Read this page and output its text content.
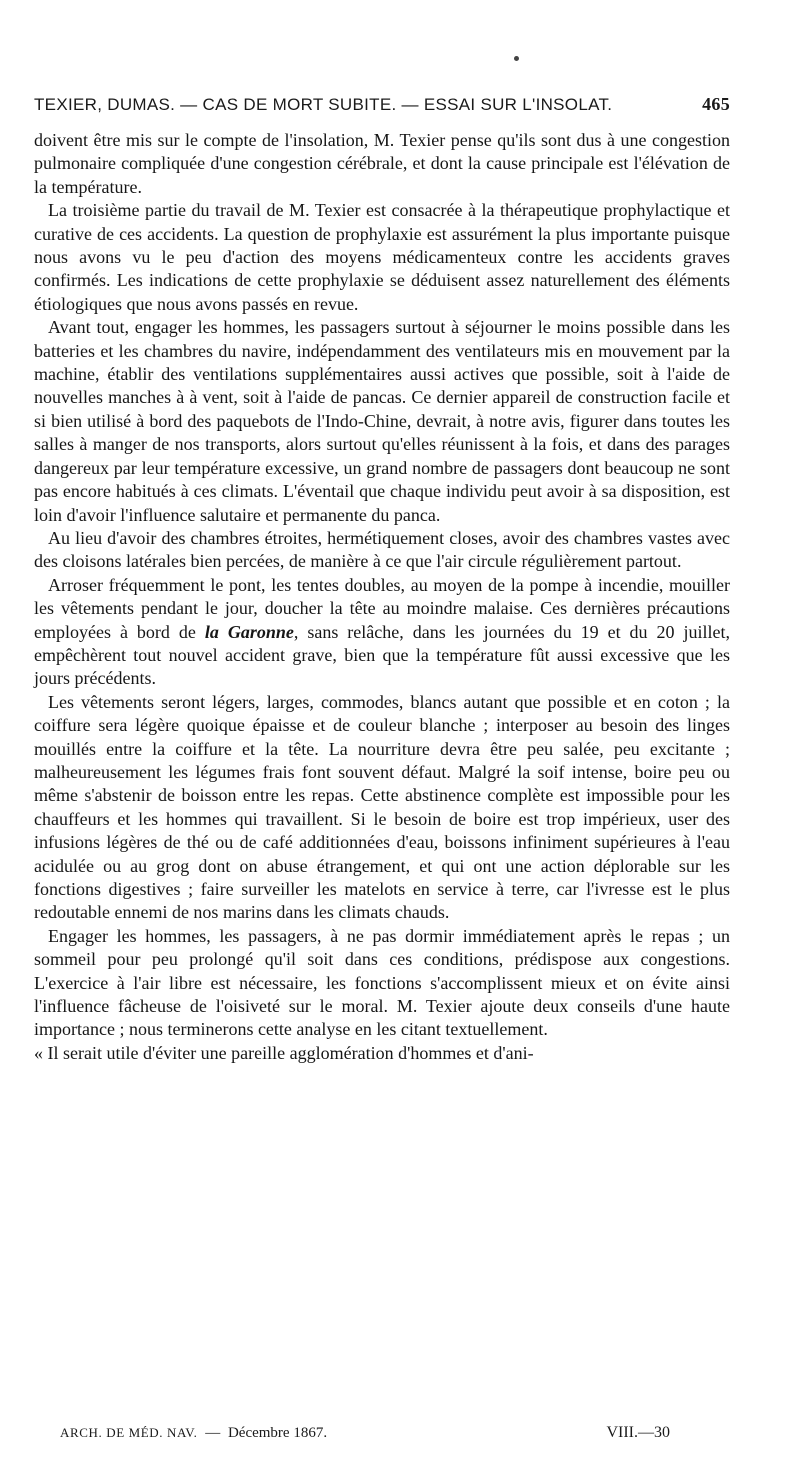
TEXIER, DUMAS. — CAS DE MORT SUBITE. — ESSAI SUR L'INSOLAT.	465

doivent être mis sur le compte de l'insolation, M. Texier pense qu'ils sont dus à une congestion pulmonaire compliquée d'une congestion cérébrale, et dont la cause principale est l'élévation de la température.

La troisième partie du travail de M. Texier est consacrée à la thérapeutique prophylactique et curative de ces accidents. La question de prophylaxie est assurément la plus importante puisque nous avons vu le peu d'action des moyens médicamenteux contre les accidents graves confirmés. Les indications de cette prophylaxie se déduisent assez naturellement des éléments étiologiques que nous avons passés en revue.

Avant tout, engager les hommes, les passagers surtout à séjourner le moins possible dans les batteries et les chambres du navire, indépendamment des ventilateurs mis en mouvement par la machine, établir des ventilations supplémentaires aussi actives que possible, soit à l'aide de nouvelles manches à à vent, soit à l'aide de pancas. Ce dernier appareil de construction facile et si bien utilisé à bord des paquebots de l'Indo-Chine, devrait, à notre avis, figurer dans toutes les salles à manger de nos transports, alors surtout qu'elles réunissent à la fois, et dans des parages dangereux par leur température excessive, un grand nombre de passagers dont beaucoup ne sont pas encore habitués à ces climats. L'éventail que chaque individu peut avoir à sa disposition, est loin d'avoir l'influence salutaire et permanente du panca.

Au lieu d'avoir des chambres étroites, hermétiquement closes, avoir des chambres vastes avec des cloisons latérales bien percées, de manière à ce que l'air circule régulièrement partout.

Arroser fréquemment le pont, les tentes doubles, au moyen de la pompe à incendie, mouiller les vêtements pendant le jour, doucher la tête au moindre malaise. Ces dernières précautions employées à bord de la Garonne, sans relâche, dans les journées du 19 et du 20 juillet, empêchèrent tout nouvel accident grave, bien que la température fût aussi excessive que les jours précédents.

Les vêtements seront légers, larges, commodes, blancs autant que possible et en coton ; la coiffure sera légère quoique épaisse et de couleur blanche ; interposer au besoin des linges mouillés entre la coiffure et la tête. La nourriture devra être peu salée, peu excitante ; malheureusement les légumes frais font souvent défaut. Malgré la soif intense, boire peu ou même s'abstenir de boisson entre les repas. Cette abstinence complète est impossible pour les chauffeurs et les hommes qui travaillent. Si le besoin de boire est trop impérieux, user des infusions légères de thé ou de café additionnées d'eau, boissons infiniment supérieures à l'eau acidulée ou au grog dont on abuse étrangement, et qui ont une action déplorable sur les fonctions digestives ; faire surveiller les matelots en service à terre, car l'ivresse est le plus redoutable ennemi de nos marins dans les climats chauds.

Engager les hommes, les passagers, à ne pas dormir immédiatement après le repas ; un sommeil pour peu prolongé qu'il soit dans ces conditions, prédispose aux congestions. L'exercice à l'air libre est nécessaire, les fonctions s'accomplissent mieux et on évite ainsi l'influence fâcheuse de l'oisiveté sur le moral. M. Texier ajoute deux conseils d'une haute importance ; nous terminerons cette analyse en les citant textuellement.

« Il serait utile d'éviter une pareille agglomération d'hommes et d'ani-

ARCH. DE MÉD. NAV. — Décembre 1867.	VIII.—30
